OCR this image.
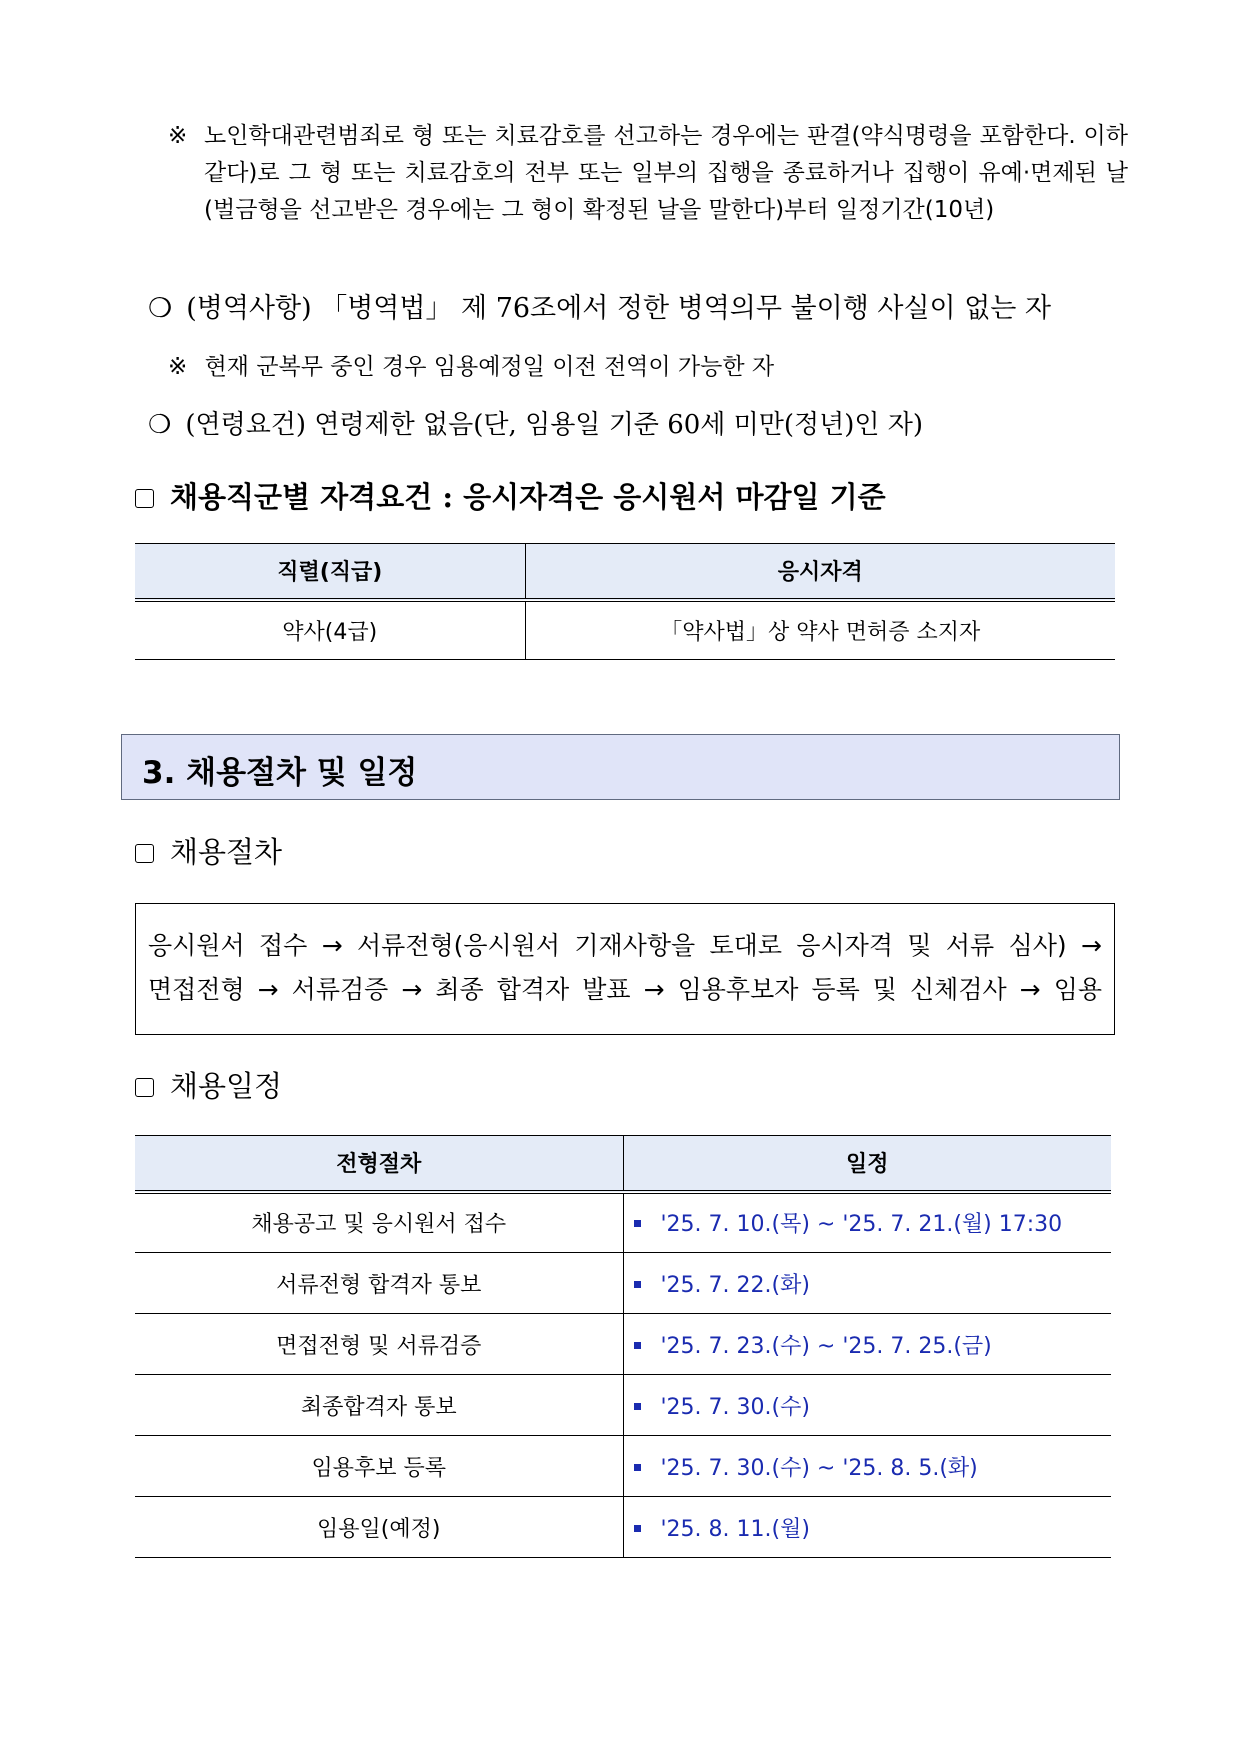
※ 노인학대관련범죄로 형 또는 치료감호를 선고하는 경우에는 판결(약식명령을 포함한다. 이하 같다)로 그 형 또는 치료감호의 전부 또는 일부의 집행을 종료하거나 집행이 유예·면제된 날(벌금형을 선고받은 경우에는 그 형이 확정된 날을 말한다)부터 일정기간(10년)
❍ (병역사항) 「병역법」 제 76조에서 정한 병역의무 불이행 사실이 없는 자
※ 현재 군복무 중인 경우 임용예정일 이전 전역이 가능한 자
❍ (연령요건) 연령제한 없음(단, 임용일 기준 60세 미만(정년)인 자)
채용직군별 자격요건 : 응시자격은 응시원서 마감일 기준
직렬(직급)	응시자격
약사(4급)	「약사법」상 약사 면허증 소지자
3. 채용절차 및 일정
채용절차
응시원서 접수 → 서류전형(응시원서 기재사항을 토대로 응시자격 및 서류 심사) →
면접전형 → 서류검증 → 최종 합격자 발표 → 임용후보자 등록 및 신체검사 → 임용
채용일정
전형절차	일정
채용공고 및 응시원서 접수	'25. 7. 10.(목) ~ '25. 7. 21.(월) 17:30
서류전형 합격자 통보	'25. 7. 22.(화)
면접전형 및 서류검증	'25. 7. 23.(수) ~ '25. 7. 25.(금)
최종합격자 통보	'25. 7. 30.(수)
임용후보 등록	'25. 7. 30.(수) ~ '25. 8. 5.(화)
임용일(예정)	'25. 8. 11.(월)
